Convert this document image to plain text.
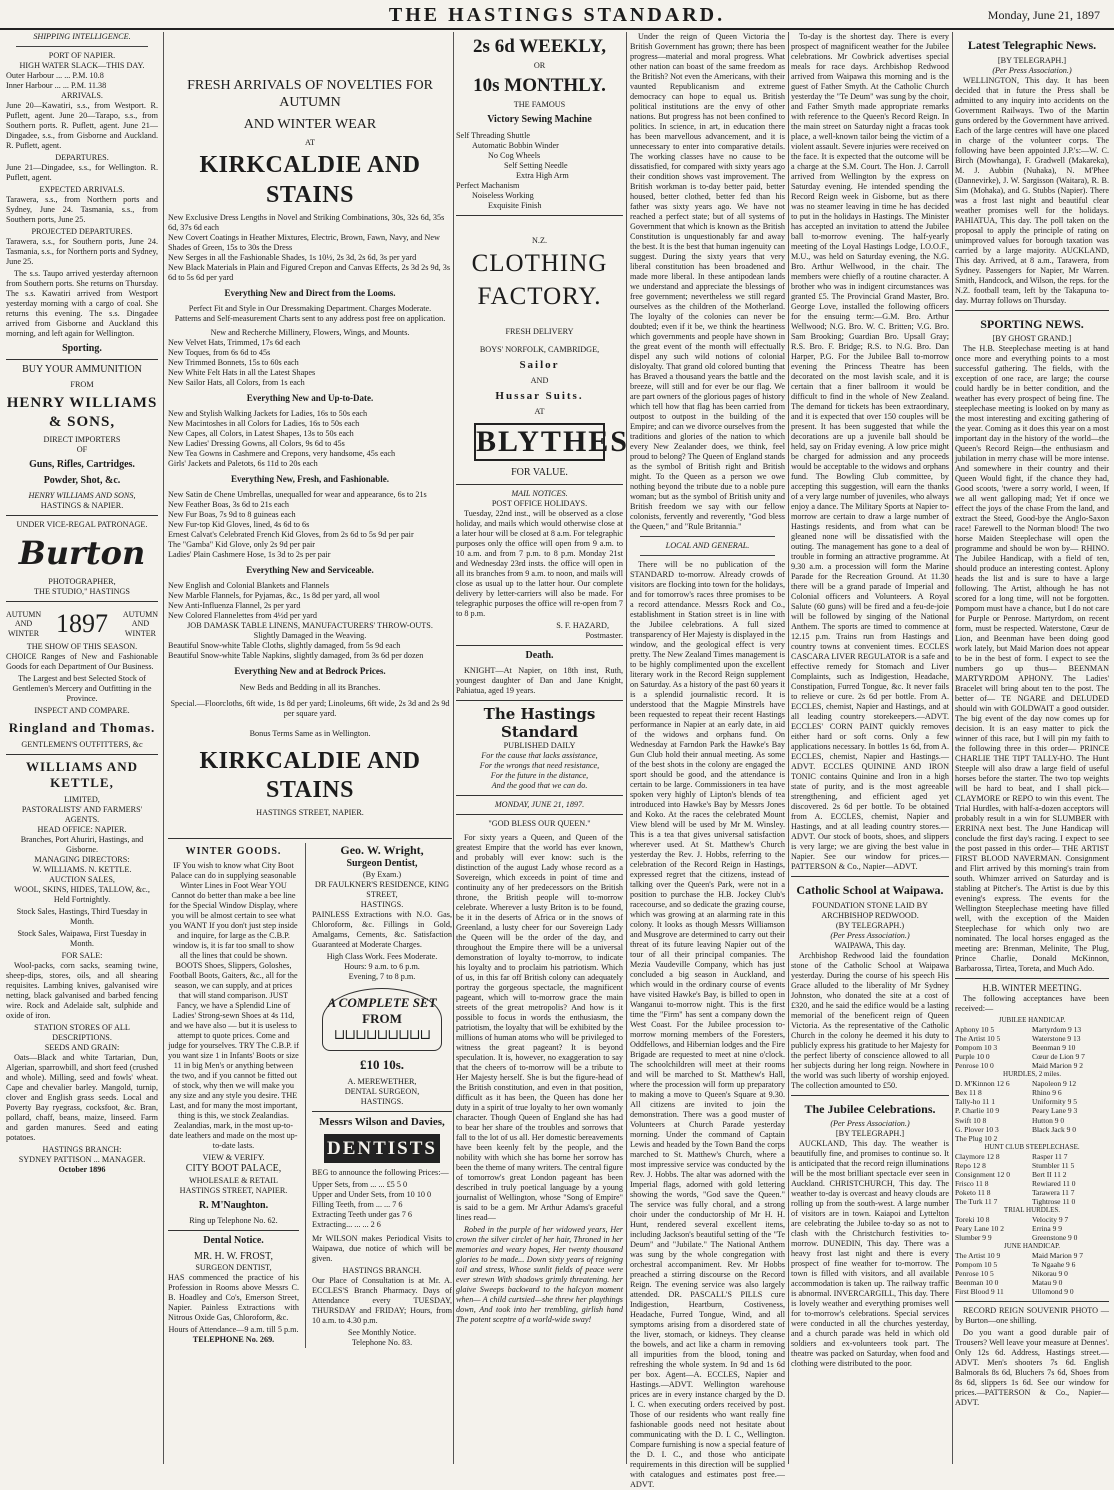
THE HASTINGS STANDARD.	Monday, June 21, 1897
SHIPPING INTELLIGENCE.
PORT OF NAPIER.
HIGH WATER SLACK—THIS DAY.
Outer Harbour ... ... P.M. 10.8
Inner Harbour ... ... P.M. 11.38
ARRIVALS.

June 20—Kawatiri, s.s., from Westport. R. Puflett, agent. June 20—Tarapo, s.s., from Southern ports. R. Puflett, agent. June 21—Dingadee, s.s., from Gisborne and Auckland. R. Puflett, agent.

DEPARTURES.

June 21—Dingadee, s.s., for Wellington. R. Puflett, agent.

EXPECTED ARRIVALS.

Tarawera, s.s., from Northern ports and Sydney, June 24. Tasmania, s.s., from Southern ports, June 25.

PROJECTED DEPARTURES.

Tarawera, s.s., for Southern ports, June 24. Tasmania, s.s., for Northern ports and Sydney, June 25.

The s.s. Taupo arrived yesterday afternoon from Southern ports. She returns on Thursday. The s.s. Kawatiri arrived from Westport yesterday morning with a cargo of coal. She returns this evening. The s.s. Dingadee arrived from Gisborne and Auckland this morning, and left again for Wellington.

Sporting.
BUY YOUR AMMUNITION
FROM
HENRY WILLIAMS & SONS,
DIRECT IMPORTERS
OF
Guns, Rifles, Cartridges.
Powder, Shot, &c.
HENRY WILLIAMS AND SONS,
HASTINGS & NAPIER.
UNDER VICE-REGAL PATRONAGE.
Burton
PHOTOGRAPHER,
THE STUDIO," HASTINGS
AUTUMN
AND
WINTER 1897 AUTUMN
AND
WINTER
THE SHOW OF THIS SEASON.

CHOICE Ranges of New and Fashionable Goods for each Department of Our Business.

The Largest and best Selected Stock of Gentlemen's Mercery and Outfitting in the Province.

INSPECT AND COMPARE.
Ringland and Thomas.
GENTLEMEN'S OUTFITTERS, &c
WILLIAMS AND KETTLE,
LIMITED,
PASTORALISTS' AND FARMERS' AGENTS.
HEAD OFFICE: NAPIER.
Branches, Port Ahuriri, Hastings, and Gisborne.
MANAGING DIRECTORS:
W. WILLIAMS. N. KETTLE.
AUCTION SALES,

WOOL, SKINS, HIDES, TALLOW, &c., Held Fortnightly.

Stock Sales, Hastings, Third Tuesday in Month.

Stock Sales, Waipawa, First Tuesday in Month.

FOR SALE:

Wool-packs, corn sacks, seaming twine, sheep-dips, stores, oils, and all shearing requisites. Lambing knives, galvanised wire netting, black galvanised and barbed fencing wire. Rock and Adelaide salt, sulphide and oxide of iron.

STATION STORES OF ALL DESCRIPTIONS.
SEEDS AND GRAIN:

Oats—Black and white Tartarian, Dun, Algerian, sparrowbill, and short feed (crushed and whole). Milling, seed and fowls' wheat. Cape and chevalier barley. Mangold, turnip, clover and English grass seeds. Local and Poverty Bay ryegrass, cocksfoot, &c. Bran, pollard, chaff, beans, maize, linseed. Farm and garden manures. Seed and eating potatoes.

HASTINGS BRANCH:
SYDNEY PATTISON ... MANAGER.
October 1896
FRESH ARRIVALS OF NOVELTIES FOR AUTUMN
AND WINTER WEAR
AT
KIRKCALDIE AND STAINS
New Exclusive Dress Lengths in Novel and Striking Combinations, 30s, 32s 6d, 35s 6d, 37s 6d each
New Covert Coatings in Heather Mixtures, Electric, Brown, Fawn, Navy, and New Shades of Green, 15s to 30s the Dress
New Serges in all the Fashionable Shades, 1s 10½, 2s 3d, 2s 6d, 3s per yard
New Black Materials in Plain and Figured Crepon and Canvas Effects, 2s 3d 2s 9d, 3s 6d to 5s 6d per yard
Everything New and Direct from the Looms.
Perfect Fit and Style in Our Dressmaking Department. Charges Moderate.
Patterns and Self-measurement Charts sent to any address post free on application.
New and Recherche Millinery, Flowers, Wings, and Mounts.
New Velvet Hats, Trimmed, 17s 6d each
New Toques, from 6s 6d to 45s
New Trimmed Bonnets, 15s to 60s each
New White Felt Hats in all the Latest Shapes
New Sailor Hats, all Colors, from 1s each
Everything New and Up-to-Date.
New and Stylish Walking Jackets for Ladies, 16s to 50s each
New Macintoshes in all Colors for Ladies, 16s to 50s each
New Capes, all Colors, in Latest Shapes, 13s to 50s each
New Ladies' Dressing Gowns, all Colors, 9s 6d to 45s
New Tea Gowns in Cashmere and Crepons, very handsome, 45s each
Girls' Jackets and Paletots, 6s 11d to 20s each
Everything New, Fresh, and Fashionable.
New Satin de Chene Umbrellas, unequalled for wear and appearance, 6s to 21s
New Feather Boas, 3s 6d to 21s each
New Fur Boas, 7s 9d to 8 guineas each
New Fur-top Kid Gloves, lined, 4s 6d to 6s
Ernest Calvat's Celebrated French Kid Gloves, from 2s 6d to 5s 9d per pair
The "Gamba" Kid Glove, only 2s 9d per pair
Ladies' Plain Cashmere Hose, 1s 3d to 2s per pair
Everything New and Serviceable.
New English and Colonial Blankets and Flannels
New Marble Flannels, for Pyjamas, &c., 1s 8d per yard, all wool
New Anti-Influenza Flannel, 2s per yard
New Colored Flannelettes from 4½d per yard
JOB DAMASK TABLE LINENS, MANUFACTURERS' THROW-OUTS.
Slightly Damaged in the Weaving.
Beautiful Snow-white Table Cloths, slightly damaged, from 5s 9d each
Beautiful Snow-white Table Napkins, slightly damaged, from 3s 6d per dozen
Everything New and at Bedrock Prices.
New Beds and Bedding in all its Branches.
Special.—Floorcloths, 6ft wide, 1s 8d per yard; Linoleums, 6ft wide, 2s 3d and 2s 9d per square yard.
Bonus Terms Same as in Wellington.
KIRKCALDIE AND STAINS
HASTINGS STREET, NAPIER.
WINTER GOODS.

IF You wish to know what City Boot Palace can do in supplying seasonable Winter Lines in Foot Wear YOU Cannot do better than make a bee line for the Special Window Display, where you will be almost certain to see what you WANT If you don't just step inside and inquire, for large as the C.B.P. window is, it is far too small to show all the lines that could be shown. BOOTS Shoes, Slippers, Goloshes, Football Boots, Gaiters, &c., all for the season, we can supply, and at prices that will stand comparison. JUST Fancy, we have a Splendid Line of Ladies' Strong-sewn Shoes at 4s 11d, and we have also — but it is useless to attempt to quote prices. Come and judge for yourselves. TRY The C.B.P. if you want size 1 in Infants' Boots or size 11 in big Men's or anything between the two, and if you cannot be fitted out of stock, why then we will make you any size and any style you desire. THE Last, and for many the most important, thing is this, we stock Zealandias. Zealandias, mark, in the most up-to-date leathers and made on the most up-to-date lasts.

VIEW & VERIFY.
CITY BOOT PALACE,
WHOLESALE & RETAIL
HASTINGS STREET, NAPIER.
R. M'Naughton.
Ring up Telephone No. 62.
Dental Notice.
MR. H. W. FROST,
SURGEON DENTIST,

HAS commenced the practice of his Profession in Rooms above Messrs C. B. Hoadley and Co's, Emerson Street, Napier. Painless Extractions with Nitrous Oxide Gas, Chloroform, &c.

Hours of Attendance—9 a.m. till 5 p.m.
TELEPHONE No. 269.
Geo. W. Wright,
Surgeon Dentist,
(By Exam.)
DR FAULKNER'S RESIDENCE, KING STREET,
HASTINGS.

PAINLESS Extractions with N.O. Gas, Chloroform, &c. Fillings in Gold, Amalgams, Cements, &c. Satisfaction Guaranteed at Moderate Charges.

High Class Work. Fees Moderate.
Hours: 9 a.m. to 6 p.m.
Evening, 7 to 8 p.m.
A COMPLETE SET
FROM
⊔⊔⊔⊔⊔⊔⊔⊔⊔
£10 10s.
A. MEREWETHER,
DENTAL SURGEON,
HASTINGS.
Messrs Wilson and Davies,
DENTISTS

BEG to announce the following Prices:—

Upper Sets, from ... ... £5 5 0
Upper and Under Sets, from 10 10 0
Filling Teeth, from ... ... 7 6
Extracting Teeth under gas 7 6
Extracting... ... ... 2 6

Mr WILSON makes Periodical Visits to Waipawa, due notice of which will be given.

HASTINGS BRANCH.

Our Place of Consultation is at Mr. A. ECCLES'S Branch Pharmacy. Days of Attendance every TUESDAY, THURSDAY and FRIDAY; Hours, from 10 a.m. to 4.30 p.m.

See Monthly Notice.
Telephone No. 83.
2s 6d WEEKLY,
OR
10s MONTHLY.
THE FAMOUS
Victory Sewing Machine
Self Threading Shuttle
Automatic Bobbin Winder
No Cog Wheels
Self Setting Needle
Extra High Arm
Perfect Machanism
Noiseless Working
Exquisite Finish
N.Z.
CLOTHING
FACTORY.
FRESH DELIVERY
BOYS' NORFOLK, CAMBRIDGE,
Sailor
AND
Hussar Suits.
AT
BLYTHES
FOR VALUE.
MAIL NOTICES.
POST OFFICE HOLIDAYS.

Tuesday, 22nd inst., will be observed as a close holiday, and mails which would otherwise close at a later hour will be closed at 8 a.m. For telegraphic purposes only the office will open from 9 a.m. to 10 a.m. and from 7 p.m. to 8 p.m. Monday 21st and Wednesday 23rd insts. the office will open in all its branches from 9 a.m. to noon, and mails will close as usual up to the latter hour. Our complete delivery by letter-carriers will also be made. For telegraphic purposes the office will re-open from 7 to 8 p.m.

S. F. HAZARD,
Postmaster.
Death.

KNIGHT—At Napier, on 18th inst, Ruth, youngest daughter of Dan and Jane Knight, Pahiatua, aged 19 years.

The Hastings Standard
PUBLISHED DAILY
For the cause that lacks assistance,
For the wrongs that need resistance,
For the future in the distance,
And the good that we can do.
MONDAY, JUNE 21, 1897.
"GOD BLESS OUR QUEEN."

For sixty years a Queen, and Queen of the greatest Empire that the world has ever known, and probably will ever know: such is the distinction of the august Lady whose record as a Sovereign, which exceeds in point of time and continuity any of her predecessors on the British throne, the British people will to-morrow celebrate. Wherever a lusty Briton is to be found, be it in the deserts of Africa or in the snows of Greenland, a lusty cheer for our Sovereign Lady the Queen will be the order of the day, and throughout the Empire there will be a universal demonstration of loyalty to-morrow, to indicate his loyalty and to proclaim his patriotism. Which of us, in this far off British colony can adequately portray the gorgeous spectacle, the magnificent pageant, which will to-morrow grace the main streets of the great metropolis? And how is it possible to focus in words the enthusiasm, the patriotism, the loyalty that will be exhibited by the millions of human atoms who will be privileged to witness the great pageant? It is beyond speculation. It is, however, no exaggeration to say that the cheers of to-morrow will be a tribute to Her Majesty herself. She is but the figure-head of the British constitution, and even in that position, difficult as it has been, the Queen has done her duty in a spirit of true loyalty to her own womanly character. Though Queen of England she has had to bear her share of the troubles and sorrows that fall to the lot of us all. Her domestic bereavements have been keenly felt by the people, and the nobility with which she has borne her sorrow has been the theme of many writers. The central figure of tomorrow's great London pageant has been described in truly poetical language by a young journalist of Wellington, whose "Song of Empire" is said to be a gem. Mr Arthur Adams's graceful lines read—

Robed in the purple of her widowed years, Her crown the silver circlet of her hair, Throned in her memories and weary hopes, Her twenty thousand glories to be made... Down sixty years of reigning toil and stress, Whose sunlit fields of peace were ever strewn With shadows grimly threatening. her glaive Sweeps backward to the halcyon moment when— A child curtsied—she threw her playthings down, And took into her trembling, girlish hand The potent sceptre of a world-wide sway!

Under the reign of Queen Victoria the British Government has grown; there has been progress—material and moral progress. What other nation can boast of the same freedom as the British? Not even the Americans, with their vaunted Republicanism and extreme democracy can hope to equal us. British political institutions are the envy of other nations. But progress has not been confined to politics. In science, in art, in education there has been marvellous advancement, and it is unnecessary to enter into comparative details. The working classes have no cause to be dissatisfied, for compared with sixty years ago their condition shows vast improvement. The British workman is to-day better paid, better housed, better clothed, better fed than his father was sixty years ago. We have not reached a perfect state; but of all systems of Government that which is known as the British Constitution is unquestionably far and away the best. It is the best that human ingenuity can suggest. During the sixty years that very liberal constitution has been broadened and made more liberal. In these antipodean lands we understand and appreciate the blessings of free government; nevertheless we still regard ourselves as the children of the Motherland. The loyalty of the colonies can never be doubted; even if it be, we think the heartiness which governments and people have shown in the great event of the month will effectually dispel any such wild notions of colonial disloyalty. That grand old colored bunting that has Braved a thousand years the battle and the breeze, will still and for ever be our flag. We are part owners of the glorious pages of history which tell how that flag has been carried from outpost to outpost in the building of the Empire; and can we divorce ourselves from the traditions and glories of the nation to which every New Zealander does, we think, feel proud to belong? The Queen of England stands as the symbol of British right and British might. To the Queen as a person we owe nothing beyond the tribute due to a noble pure woman; but as the symbol of British unity and British freedom we say with our fellow colonists, fervently and reverently, "God bless the Queen," and "Rule Britannia."

LOCAL AND GENERAL.

There will be no publication of the STANDARD to-morrow. Already crowds of visitors are flocking into town for the holidays, and for tomorrow's races three promises to be a record attendance. Messrs Rock and Co., establishment in Station street is in line with the Jubilee celebrations. A full sized transparency of Her Majesty is displayed in the window, and the geological effect is very pretty. The New Zealand Times management is to be highly complimented upon the excellent literary work in the Record Reign supplement on Saturday. As a history of the past 60 years it is a splendid journalistic record. It is understood that the Magpie Minstrels have been requested to repeat their recent Hastings performance in Napier at an early date, in aid of the widows and orphans fund. On Wednesday at Farndon Park the Hawke's Bay Gun Club hold their annual meeting. As some of the best shots in the colony are engaged the sport should be good, and the attendance is certain to be large. Commissioners in tea have spoken very highly of Lipton's blends of tea introduced into Hawke's Bay by Messrs Jones and Koko. At the races the celebrated Mount View blend will be used by Mr M. Winsley. This is a tea that gives universal satisfaction wherever used. At St. Matthew's Church yesterday the Rev. J. Hobbs, referring to the celebration of the Record Reign in Hastings, expressed regret that the citizens, instead of talking over the Queen's Park, were not in a position to purchase the H.B. Jockey Club's racecourse, and so dedicate the grazing course, which was growing at an alarming rate in this colony. It looks as though Messrs Williamson and Musgrove are determined to carry out their threat of its future leaving Napier out of the tour of all their principal companies. The Mezia Vaudeville Company, which has just concluded a big season in Auckland, and which would in the ordinary course of events have visited Hawke's Bay, is billed to open in Wanganui to-morrow night. This is the first time the "Firm" has sent a company down the West Coast. For the Jubilee procession to-morrow morning members of the Foresters, Oddfellows, and Hibernian lodges and the Fire Brigade are requested to meet at nine o'clock. The schoolchildren will meet at their rooms and will be marched to St. Matthew's Hall, where the procession will form up preparatory to making a move to Queen's Square at 9.30. All citizens are invited to join the demonstration. There was a good muster of Volunteers at Church Parade yesterday morning. Under the command of Captain Lewis and headed by the Town Band the corps marched to St. Matthew's Church, where a most impressive service was conducted by the Rev. J. Hobbs. The altar was adorned with the Imperial flags, adorned with gold lettering showing the words, "God save the Queen." The service was fully choral, and a strong choir under the conductorship of Mr H. H. Hunt, rendered several excellent items, including Jackson's beautiful setting of the "Te Deum" and "Jubilate." The National Anthem was sung by the whole congregation with orchestral accompaniment. Rev. Mr Hobbs preached a stirring discourse on the Record Reign. The evening service was also largely attended. DR. PASCALL'S PILLS cure Indigestion, Heartburn, Costiveness, Headache, Furred Tongue, Wind, and all symptoms arising from a disordered state of the liver, stomach, or kidneys. They cleanse the bowels, and act like a charm in removing all impurities from the blood, toning and refreshing the whole system. In 9d and 1s 6d per box. Agent—A. ECCLES, Napier and Hastings.—ADVT. Wellington warehouse prices are in every instance charged by the D. I. C. when executing orders received by post. Those of our residents who want really fine fashionable goods need not hesitate about communicating with the D. I. C., Wellington. Compare furnishing is now a special feature of the D. I. C., and those who anticipate requirements in this direction will be supplied with catalogues and estimates post free.—ADVT.

To-day is the shortest day. There is every prospect of magnificent weather for the Jubilee celebrations. Mr Cowbrick advertises special meals for race days. Archbishop Redwood arrived from Waipawa this morning and is the guest of Father Smyth. At the Catholic Church yesterday the "Te Deum" was sung by the choir, and Father Smyth made appropriate remarks with reference to the Queen's Record Reign. In the main street on Saturday night a fracas took place, a well-known tailor being the victim of a violent assault. Severe injuries were received on the face. It is expected that the outcome will be a charge at the S.M. Court. The Hon. J. Carroll arrived from Wellington by the express on Saturday evening. He intended spending the Record Reign week in Gisborne, but as there was no steamer leaving in time he has decided to put in the holidays in Hastings. The Minister has accepted an invitation to attend the Jubilee ball to-morrow evening. The half-yearly meeting of the Loyal Hastings Lodge, I.O.O.F., M.U., was held on Saturday evening, the N.G. Bro. Arthur Wellwood, in the chair. The members were chiefly of a routine character. A brother who was in indigent circumstances was granted £5. The Provincial Grand Master, Bro. George Love, installed the following officers for the ensuing term:—G.M. Bro. Arthur Wellwood; N.G. Bro. W. C. Britten; V.G. Bro. Sam Brooking; Guardian Bro. Upsall Gray; R.S. Bro. F. Bridge; R.S. to N.G. Bro. Dan Harper, P.G. For the Jubilee Ball to-morrow evening the Princess Theatre has been decorated on the most lavish scale, and it is certain that a finer ballroom it would be difficult to find in the whole of New Zealand. The demand for tickets has been extraordinary, and it is expected that over 150 couples will be present. It has been suggested that while the decorations are up a juvenile ball should be held, say on Friday evening. A low price might be charged for admission and any proceeds would be acceptable to the widows and orphans fund. The Bowling Club committee, by accepting this suggestion, will earn the thanks of a very large number of juveniles, who always enjoy a dance. The Military Sports at Napier to-morrow are certain to draw a large number of Hastings residents, and from what can be gleaned none will be dissatisfied with the outing. The management has gone to a deal of trouble in forming an attractive programme. At 9.30 a.m. a procession will form the Marine Parade for the Recreation Ground. At 11.30 there will be a grand parade of Imperial and Colonial officers and Volunteers. A Royal Salute (60 guns) will be fired and a feu-de-joie will be followed by singing of the National Anthem. The sports are timed to commence at 12.15 p.m. Trains run from Hastings and country towns at convenient times. ECCLES CASCARA LIVER REGULATOR is a safe and effective remedy for Stomach and Liver Complaints, such as Indigestion, Headache, Constipation, Furred Tongue, &c. It never fails to relieve or cure. 2s 6d per bottle. From A. ECCLES, chemist, Napier and Hastings, and at all leading country storekeepers.—ADVT. ECCLES' CORN PAINT quickly removes either hard or soft corns. Only a few applications necessary. In bottles 1s 6d, from A. ECCLES, chemist, Napier and Hastings.—ADVT. ECCLES QUININE AND IRON TONIC contains Quinine and Iron in a high state of purity, and is the most agreeable strengthening, and efficient aged yet discovered. 2s 6d per bottle. To be obtained from A. ECCLES, chemist, Napier and Hastings, and at all leading country stores.—ADVT. Our stock of boots, shoes, and slippers is very large; we are giving the best value in Napier. See our window for prices.—PATTERSON & Co., Napier—ADVT.

Catholic School at Waipawa.
FOUNDATION STONE LAID BY ARCHBISHOP REDWOOD.
(BY TELEGRAPH.)
(Per Press Association.)
WAIPAWA, This day.

Archbishop Redwood laid the foundation stone of the Catholic School at Waipawa yesterday. During the course of his speech His Grace alluded to the liberality of Mr Sydney Johnston, who donated the site at a cost of £320, and he said the edifice would be a lasting memorial of the beneficent reign of Queen Victoria. As the representative of the Catholic Church in the colony he deemed it his duty to publicly express his gratitude to her Majesty for the perfect liberty of conscience allowed to all her subjects during her long reign. Nowhere in the world was such liberty of worship enjoyed. The collection amounted to £50.

The Jubilee Celebrations.
(Per Press Association.)
[BY TELEGRAPH.]

AUCKLAND, This day. The weather is beautifully fine, and promises to continue so. It is anticipated that the record reign illuminations will be the most brilliant spectacle ever seen in Auckland. CHRISTCHURCH, This day. The weather to-day is overcast and heavy clouds are rolling up from the south-west. A large number of visitors are in town. Kaiapoi and Lyttelton are celebrating the Jubilee to-day so as not to clash with the Christchurch festivities to-morrow. DUNEDIN, This day. There was a heavy frost last night and there is every prospect of fine weather for to-morrow. The town is filled with visitors, and all available accommodation is taken up. The railway traffic is abnormal. INVERCARGILL, This day. There is lovely weather and everything promises well for to-morrow's celebrations. Special services were conducted in all the churches yesterday, and a church parade was held in which old soldiers and ex-volunteers took part. The theatre was packed on Saturday, when food and clothing were distributed to the poor.

Latest Telegraphic News.
[BY TELEGRAPH.]
(Per Press Association.)

WELLINGTON, This day. It has been decided that in future the Press shall be admitted to any inquiry into accidents on the Government Railways. Two of the Martin guns ordered by the Government have arrived. Each of the large centres will have one placed in charge of the volunteer corps. The following have been appointed J.P.'s:—W. C. Birch (Mowhanga), F. Gradwell (Makareka), M. J. Aubbin (Nuhaka), N. M'Phee (Dannevirke), J. W. Sargisson (Waitara), R. B. Sim (Mohaka), and G. Stubbs (Napier). There was a frost last night and beautiful clear weather promises well for the holidays. PAHIATUA, This day. The poll taken on the proposal to apply the principle of rating on unimproved values for borough taxation was carried by a large majority. AUCKLAND, This day. Arrived, at 8 a.m., Tarawera, from Sydney. Passengers for Napier, Mr Warren. Smith, Handcock, and Wilson, the reps. for the N.Z. football team, left by the Takapuna to-day. Murray follows on Thursday.

SPORTING NEWS.
[BY GHOST GRAND.]

The H.B. Steeplechase meeting is at hand once more and everything points to a most successful gathering. The fields, with the exception of one race, are large; the course could hardly be in better condition, and the weather has every prospect of being fine. The steeplechase meeting is looked on by many as the most interesting and exciting gathering of the year. Coming as it does this year on a most important day in the history of the world—the Queen's Record Reign—the enthusiasm and jubilation in merry chase will be more intense. And somewhere in their country and their Queen Would fight, if the chance they had, Good scoots, 'twere a sorry world, I ween, If we all went galloping mad; Yet if once we effect the joys of the chase From the land, and extract the Steed, Good-bye the Anglo-Saxon race! Farewell to the Norman blood! The two horse Maiden Steeplechase will open the programme and should be won by— RHINO. The Jubilee Handicap, with a field of ten, should produce an interesting contest. Aplony heads the list and is sure to have a large following. The Artist, although he has not scored for a long time, will not be forgotten. Pompom must have a chance, but I do not care for Purple or Penrose. Martyrdom, on recent form, must be respected. Waterstone, Cœur de Lion, and Beenman have been doing good work lately, but Maid Marion does not appear to be in the best of form. I expect to see the numbers go up thus— BEENMAN MARTYRDOM APHONY. The Ladies' Bracelet will bring about ten to the post. The better of— TE NGARE and DELUDED should win with GOLDWAIT a good outsider. The big event of the day now comes up for decision. It is an easy matter to pick the winner of this race, but I will pin my faith to the following three in this order— PRINCE CHARLIE THE TIPT TALLY-HO. The Hunt Steeple will also draw a large field of useful horses before the starter. The two top weights will be hard to beat, and I shall pick— CLAYMORE or REPO to win this event. The Trial Hurdles, with half-a-dozen acceptors will probably result in a win for SLUMBER with ERRINA next best. The June Handicap will conclude the first day's racing. I expect to see the post passed in this order— THE ARTIST FIRST BLOOD NAVERMAN. Consignment and Flirt arrived by this morning's train from south. Whimzer arrived on Saturday and is stabling at Pitcher's. The Artist is due by this evening's express. The events for the Wellington Steeplechase meeting have filled well, with the exception of the Maiden Steeplechase for which only two are nominated. The local horses engaged as the meeting are: Brenman, Melinite, The Plug, Prince Charlie, Donald McKinnon, Barbarossa, Tirtea, Toreta, and Much Ado.

H.B. WINTER MEETING.

The following acceptances have been received:—

JUBILEE HANDICAP.
Aphony 10 5	Martyrdom 9 13
The Artist 10 5	Waterstone 9 13
Pompom 10 3	Beenman 9 10
Purple 10 0	Cœur de Lion 9 7
Penrose 10 0	Maid Marion 9 2
HURDLES, 2 miles.
D. M'Kinnon 12 6	Napoleon 9 12
Bex 11 8	Rhino 9 6
Tally-ho 11 1	Uniformity 9 5
P. Charlie 10 9	Peary Lane 9 3
Swift 10 8	Hutton 9 0
G. Plover 10 3	Black Jack 9 0
The Plug 10 2
HUNT CLUB STEEPLECHASE.
Claymore 12 8	Rasper 11 7
Repo 12 8	Stumbler 11 5
Consignment 12 0	Bert II 11 2
Frisco 11 8	Rewiared 11 0
Poketo 11 8	Tarawera 11 7
The Turk 11 7	Tightrose 11 0
TRIAL HURDLES.
Toreki 10 8	Velocity 9 7
Peary Lane 10 2	Errina 9 9
Slumber 9 9	Greenstone 9 0
JUNE HANDICAP.
The Artist 10 9	Maid Marion 9 7
Pompom 10 5	Te Ngaahe 9 6
Penrose 10 5	Nikorau 9 0
Beenman 10 0	Matau 9 0
First Blood 9 11	Ullomond 9 0

RECORD REIGN SOUVENIR PHOTO — by Burton—one shilling.

Do you want a good durable pair of Trousers? Well leave your measure at Dennes'. Only 12s 6d. Address, Hastings street.—ADVT. Men's shooters 7s 6d. English Balmorals 8s 6d, Bluchers 7s 6d, Shoes from 8s 6d, slippers 1s 6d. See our window for prices.—PATTERSON & Co., Napier—ADVT.
